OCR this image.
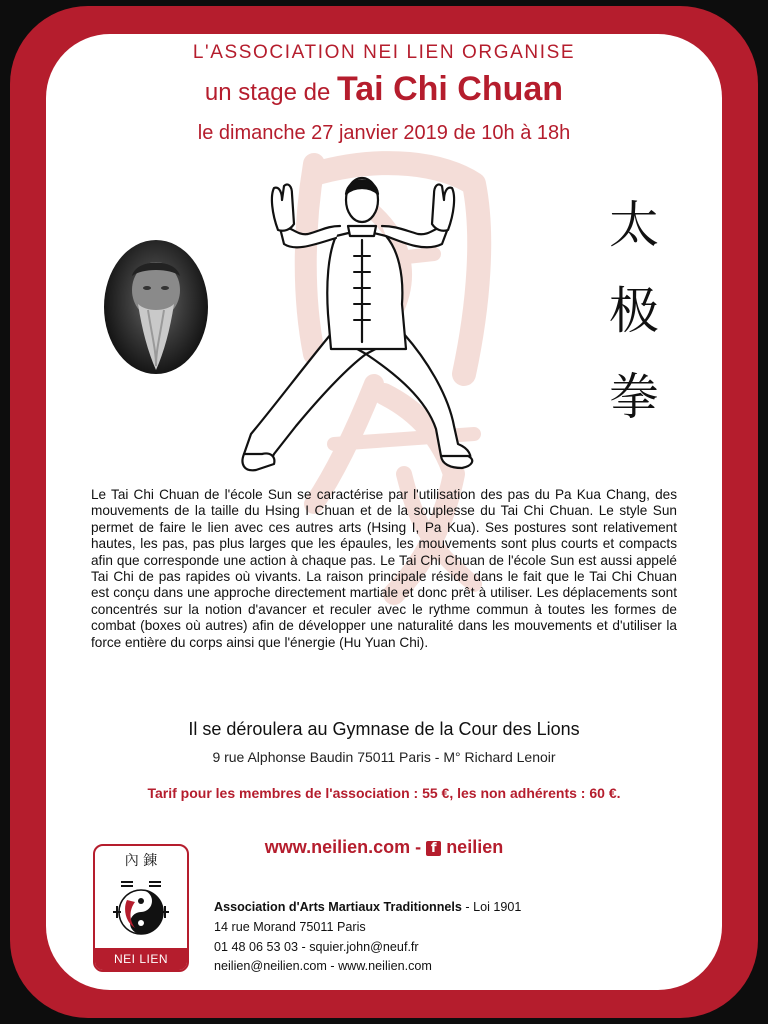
L'ASSOCIATION NEI LIEN ORGANISE
un stage de Tai Chi Chuan
le dimanche 27 janvier 2019 de 10h à 18h
太
极
拳
Le Tai Chi Chuan de l'école Sun se caractérise par l'utilisation des pas du Pa Kua Chang, des mouvements de la taille du Hsing I Chuan et de la souplesse du Tai Chi Chuan. Le style Sun permet de faire le lien avec ces autres arts (Hsing I, Pa Kua). Ses postures sont relativement hautes, les pas, pas plus larges que les épaules, les mouvements sont plus courts et compacts afin que corresponde une action à chaque pas. Le Tai Chi Chuan de l'école Sun est aussi appelé Tai Chi de pas rapides où vivants. La raison principale réside dans le fait que le Tai Chi Chuan est conçu dans une approche directement martiale et donc prêt à utiliser. Les déplacements sont concentrés sur la notion d'avancer et reculer avec le rythme commun à toutes les formes de combat (boxes où autres) afin de développer une naturalité dans les mouvements et d'utiliser la force entière du corps ainsi que l'énergie (Hu Yuan Chi).
Il se déroulera au Gymnase de la Cour des Lions
9 rue Alphonse Baudin 75011 Paris - M° Richard Lenoir
Tarif pour les membres de l'association : 55 €, les non adhérents : 60 €.
www.neilien.com - f neilien
內 錬
NEI LIEN
Association d'Arts Martiaux Traditionnels - Loi 1901
14 rue Morand 75011 Paris
01 48 06 53 03 - squier.john@neuf.fr
neilien@neilien.com - www.neilien.com
